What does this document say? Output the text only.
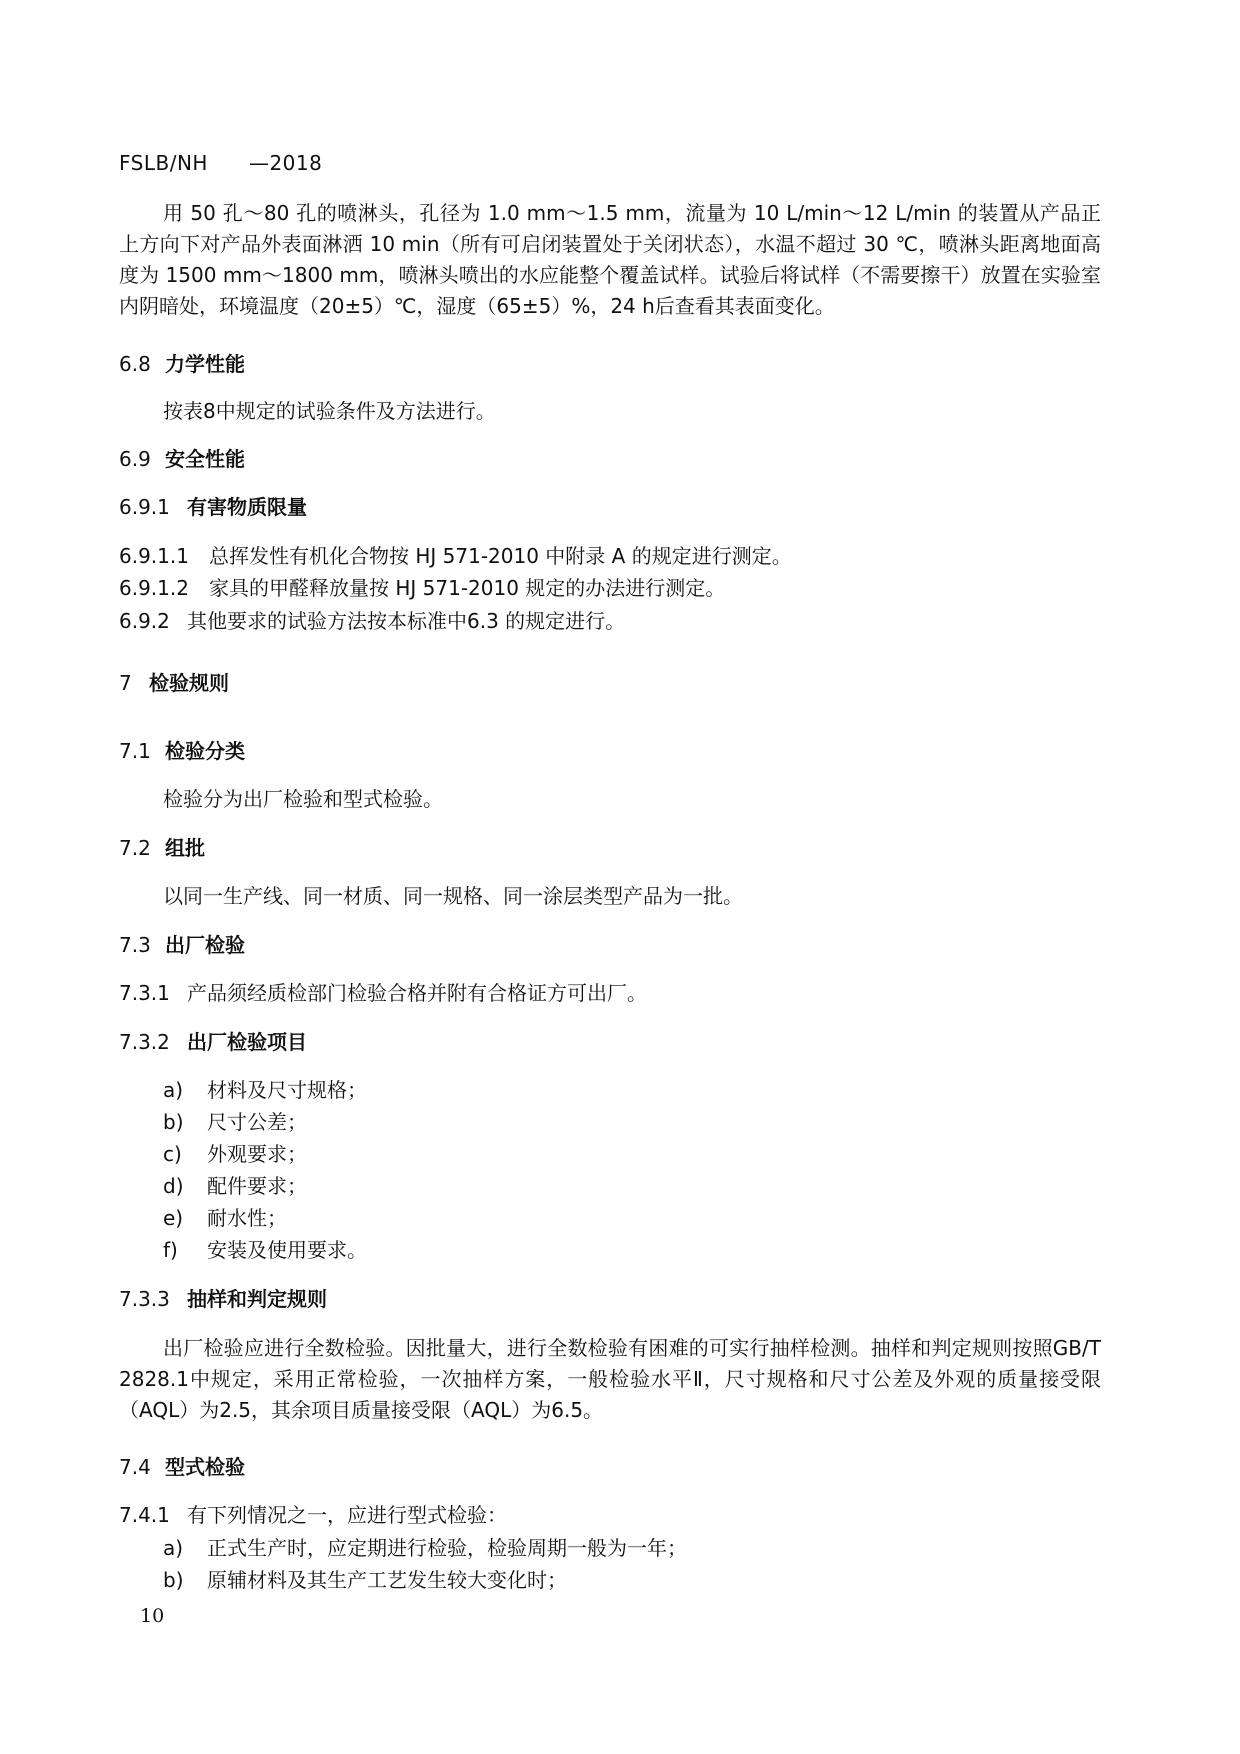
FSLB/NH　　—2018
用 50 孔～80 孔的喷淋头，孔径为 1.0 mm～1.5 mm，流量为 10 L/min～12 L/min 的装置从产品正上方向下对产品外表面淋洒 10 min（所有可启闭装置处于关闭状态），水温不超过 30 ℃，喷淋头距离地面高度为 1500 mm～1800 mm，喷淋头喷出的水应能整个覆盖试样。试验后将试样（不需要擦干）放置在实验室内阴暗处，环境温度（20±5）℃，湿度（65±5）%，24 h后查看其表面变化。
6.8 力学性能
按表8中规定的试验条件及方法进行。
6.9 安全性能
6.9.1 有害物质限量
6.9.1.1 总挥发性有机化合物按 HJ 571-2010 中附录 A 的规定进行测定。
6.9.1.2 家具的甲醛释放量按 HJ 571-2010 规定的办法进行测定。
6.9.2 其他要求的试验方法按本标准中6.3 的规定进行。
7 检验规则
7.1 检验分类
检验分为出厂检验和型式检验。
7.2 组批
以同一生产线、同一材质、同一规格、同一涂层类型产品为一批。
7.3 出厂检验
7.3.1 产品须经质检部门检验合格并附有合格证方可出厂。
7.3.2 出厂检验项目
a) 材料及尺寸规格；
b) 尺寸公差；
c) 外观要求；
d) 配件要求；
e) 耐水性；
f) 安装及使用要求。
7.3.3 抽样和判定规则
出厂检验应进行全数检验。因批量大，进行全数检验有困难的可实行抽样检测。抽样和判定规则按照GB/T 2828.1中规定，采用正常检验，一次抽样方案，一般检验水平Ⅱ，尺寸规格和尺寸公差及外观的质量接受限（AQL）为2.5，其余项目质量接受限（AQL）为6.5。
7.4 型式检验
7.4.1 有下列情况之一，应进行型式检验：
a) 正式生产时，应定期进行检验，检验周期一般为一年；
b) 原辅材料及其生产工艺发生较大变化时；
10
